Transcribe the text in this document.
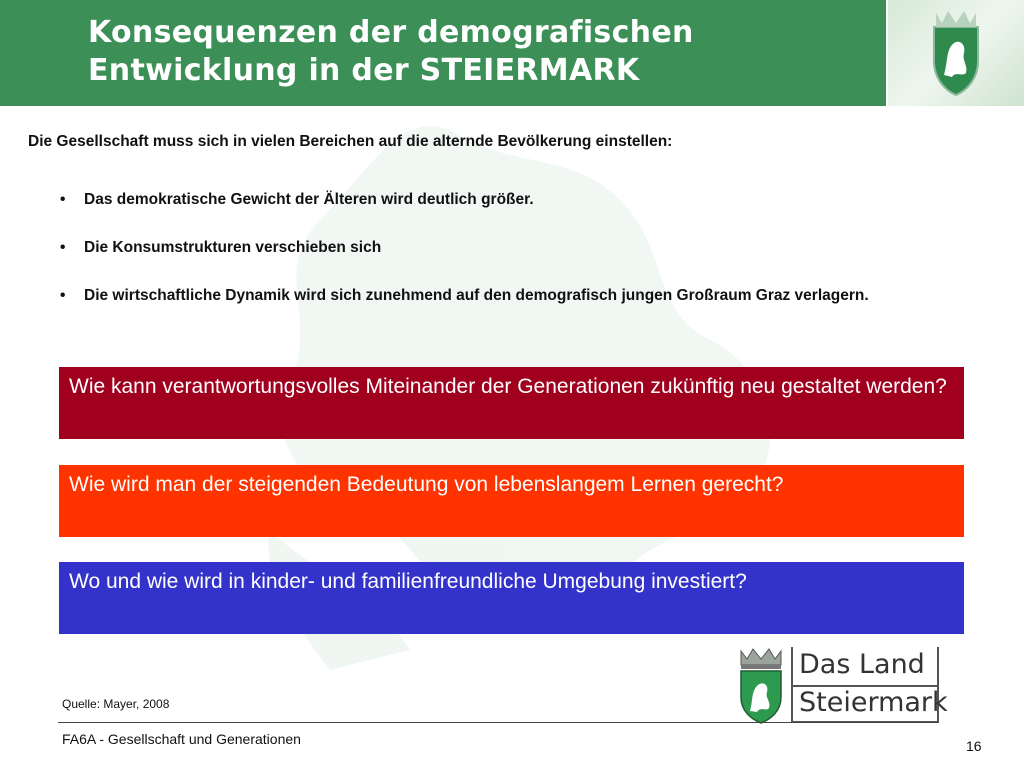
Konsequenzen der demografischen
Entwicklung in der STEIERMARK

Die Gesellschaft muss sich in vielen Bereichen auf die alternde Bevölkerung einstellen:

• Das demokratische Gewicht der Älteren wird deutlich größer.
• Die Konsumstrukturen verschieben sich
• Die wirtschaftliche Dynamik wird sich zunehmend auf den demografisch jungen Großraum Graz verlagern.
Wie kann verantwortungsvolles Miteinander der Generationen zukünftig neu gestaltet werden?
Wie wird man der steigenden Bedeutung von lebenslangem Lernen gerecht?
Wo und wie wird in kinder- und familienfreundliche Umgebung investiert?
Das Land
Steiermark
Quelle: Mayer, 2008
FA6A - Gesellschaft und Generationen	16
